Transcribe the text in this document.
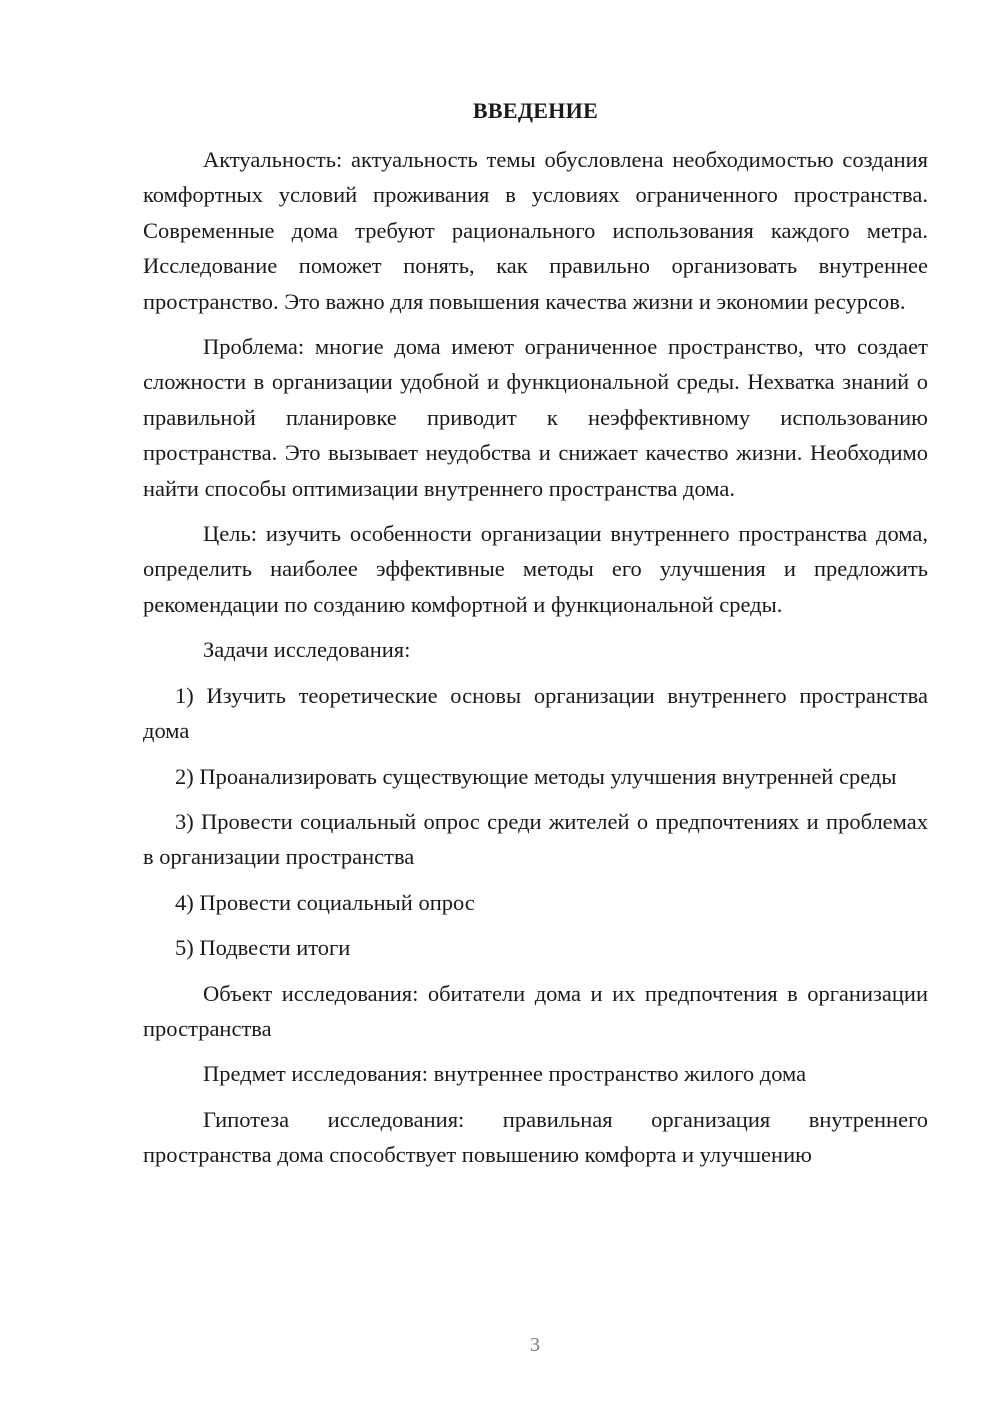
ВВЕДЕНИЕ

Актуальность: актуальность темы обусловлена необходимостью создания комфортных условий проживания в условиях ограниченного пространства. Современные дома требуют рационального использования каждого метра. Исследование поможет понять, как правильно организовать внутреннее пространство. Это важно для повышения качества жизни и экономии ресурсов.

Проблема: многие дома имеют ограниченное пространство, что создает сложности в организации удобной и функциональной среды. Нехватка знаний о правильной планировке приводит к неэффективному использованию пространства. Это вызывает неудобства и снижает качество жизни. Необходимо найти способы оптимизации внутреннего пространства дома.

Цель: изучить особенности организации внутреннего пространства дома, определить наиболее эффективные методы его улучшения и предложить рекомендации по созданию комфортной и функциональной среды.

Задачи исследования:

1) Изучить теоретические основы организации внутреннего пространства дома

2) Проанализировать существующие методы улучшения внутренней среды

3) Провести социальный опрос среди жителей о предпочтениях и проблемах в организации пространства

4) Провести социальный опрос

5) Подвести итоги

Объект исследования: обитатели дома и их предпочтения в организации пространства

Предмет исследования: внутреннее пространство жилого дома

Гипотеза исследования: правильная организация внутреннего пространства дома способствует повышению комфорта и улучшению

3
